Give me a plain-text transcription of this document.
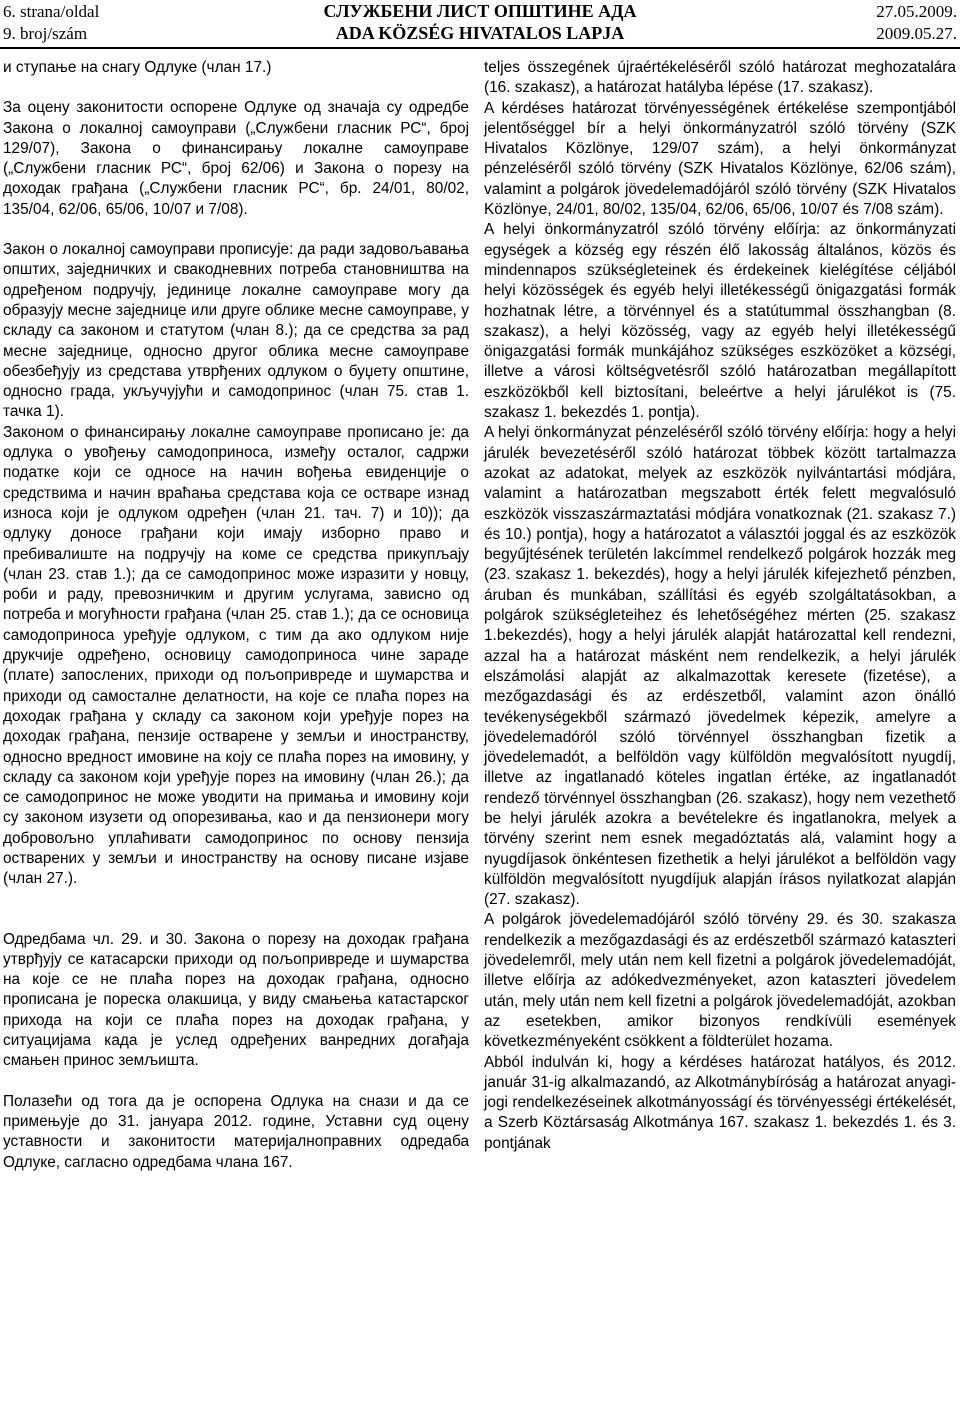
6. strana/oldal
9. broj/szám
СЛУЖБЕНИ ЛИСТ ОПШТИНЕ АДА
ADA KÖZSÉG HIVATALOS LAPJA
27.05.2009.
2009.05.27.

и ступање на снагу Одлуке (члан 17.)

За оцену законитости оспорене Одлуке од значаја су одредбе Закона о локалној самоуправи („Службени гласник РС“, број 129/07), Закона о финансирању локалне самоуправе („Службени гласник РС“, број 62/06) и Закона о порезу на доходак грађана („Службени гласник РС“, бр. 24/01, 80/02, 135/04, 62/06, 65/06, 10/07 и 7/08).

Закон о локалној самоуправи прописује: да ради задовољавања општих, заједничких и свакодневних потреба становништва на одређеном подручју, јединице локалне самоуправе могу да образују месне заједнице или друге облике месне самоуправе, у складу са законом и статутом (члан 8.); да се средства за рад месне заједнице, односно другог облика месне самоуправе обезбеђују из средстава утврђених одлуком о буџету општине, односно града, укључујући и самодопринос (члан 75. став 1. тачка 1).

Законом о финансирању локалне самоуправе прописано је: да одлука о увођењу самодоприноса, између осталог, садржи податке који се односе на начин вођења евиденције о средствима и начин враћања средстава која се остваре изнад износа који је одлуком одређен (члан 21. тач. 7) и 10)); да одлуку доносе грађани који имају изборно право и пребивалиште на подручју на коме се средства прикупљају (члан 23. став 1.); да се самодопринос може изразити у новцу, роби и раду, превозничким и другим услугама, зависно од потреба и могућности грађана (члан 25. став 1.); да се основица самодоприноса уређује одлуком, с тим да ако одлуком није друкчије одређено, основицу самодоприноса чине зараде (плате) запослених, приходи од пољопривреде и шумарства и приходи од самосталне делатности, на које се плаћа порез на доходак грађана у складу са законом који уређује порез на доходак грађана, пензије остварене у земљи и иностранству, односно вредност имовине на коју се плаћа порез на имовину, у складу са законом који уређује порез на имовину (члан 26.); да се самодопринос не може уводити на примања и имовину који су законом изузети од опорезивања, као и да пензионери могу добровољно уплаћивати самодопринос по основу пензија остварених у земљи и иностранству на основу писане изјаве (члан 27.).

Одредбама чл. 29. и 30. Закона о порезу на доходак грађана утврђују се катасарски приходи од пољопривреде и шумарства на које се не плаћа порез на доходак грађана, односно прописана је пореска олакшица, у виду смањења катастарског прихода на који се плаћа порез на доходак грађана, у ситуацијама када је услед одређених ванредних догађаја смањен принос земљишта.

Полазећи од тога да је оспорена Одлука на снази и да се примењује до 31. јануара 2012. године, Уставни суд оцену уставности и законитости материјалноправних одредаба Одлуке, сагласно одредбама члана 167.

teljes összegének újraértékeléséről szóló határozat meghozatalára (16. szakasz), a határozat hatályba lépése (17. szakasz).

A kérdéses határozat törvényességének értékelése szempontjából jelentőséggel bír a helyi önkormányzatról szóló törvény (SZK Hivatalos Közlönye, 129/07 szám), a helyi önkormányzat pénzeléséről szóló törvény (SZK Hivatalos Közlönye, 62/06 szám), valamint a polgárok jövedelemadójáról szóló törvény (SZK Hivatalos Közlönye, 24/01, 80/02, 135/04, 62/06, 65/06, 10/07 és 7/08 szám).

A helyi önkormányzatról szóló törvény előírja: az önkormányzati egységek a község egy részén élő lakosság általános, közös és mindennapos szükségleteinek és érdekeinek kielégítése céljából helyi közösségek és egyéb helyi illetékességű önigazgatási formák hozhatnak létre, a törvénnyel és a statútummal összhangban (8. szakasz), a helyi közösség, vagy az egyéb helyi illetékességű önigazgatási formák munkájához szükséges eszközöket a községi, illetve a városi költségvetésről szóló határozatban megállapított eszközökből kell biztosítani, beleértve a helyi járulékot is (75. szakasz 1. bekezdés 1. pontja).

A helyi önkormányzat pénzeléséről szóló törvény előírja: hogy a helyi járulék bevezetéséről szóló határozat többek között tartalmazza azokat az adatokat, melyek az eszközök nyilvántartási módjára, valamint a határozatban megszabott érték felett megvalósuló eszközök visszaszármaztatási módjára vonatkoznak (21. szakasz 7.) és 10.) pontja), hogy a határozatot a választói joggal és az eszközök begyűjtésének területén lakcímmel rendelkező polgárok hozzák meg (23. szakasz 1. bekezdés), hogy a helyi járulék kifejezhető pénzben, áruban és munkában, szállítási és egyéb szolgáltatásokban, a polgárok szükségleteihez és lehetőségéhez mérten (25. szakasz 1.bekezdés), hogy a helyi járulék alapját határozattal kell rendezni, azzal ha a határozat másként nem rendelkezik, a helyi járulék elszámolási alapját az alkalmazottak keresete (fizetése), a mezőgazdasági és az erdészetből, valamint azon önálló tevékenységekből származó jövedelmek képezik, amelyre a jövedelemadóról szóló törvénnyel összhangban fizetik a jövedelemadót, a belföldön vagy külföldön megvalósított nyugdíj, illetve az ingatlanadó köteles ingatlan értéke, az ingatlanadót rendező törvénnyel összhangban (26. szakasz), hogy nem vezethető be helyi járulék azokra a bevételekre és ingatlanokra, melyek a törvény szerint nem esnek megadóztatás alá, valamint hogy a nyugdíjasok önkéntesen fizethetik a helyi járulékot a belföldön vagy külföldön megvalósított nyugdíjuk alapján írásos nyilatkozat alapján (27. szakasz).

A polgárok jövedelemadójáról szóló törvény 29. és 30. szakasza rendelkezik a mezőgazdasági és az erdészetből származó kataszteri jövedelemről, mely után nem kell fizetni a polgárok jövedelemadóját, illetve előírja az adókedvezményeket, azon kataszteri jövedelem után, mely után nem kell fizetni a polgárok jövedelemadóját, azokban az esetekben, amikor bizonyos rendkívüli események következményeként csökkent a földterület hozama.

Abból indulván ki, hogy a kérdéses határozat hatályos, és 2012. január 31-ig alkalmazandó, az Alkotmánybíróság a határozat anyagi-jogi rendelkezéseinek alkotmányosságí és törvényességi értékelését, a Szerb Köztársaság Alkotmánya 167. szakasz 1. bekezdés 1. és 3. pontjának
